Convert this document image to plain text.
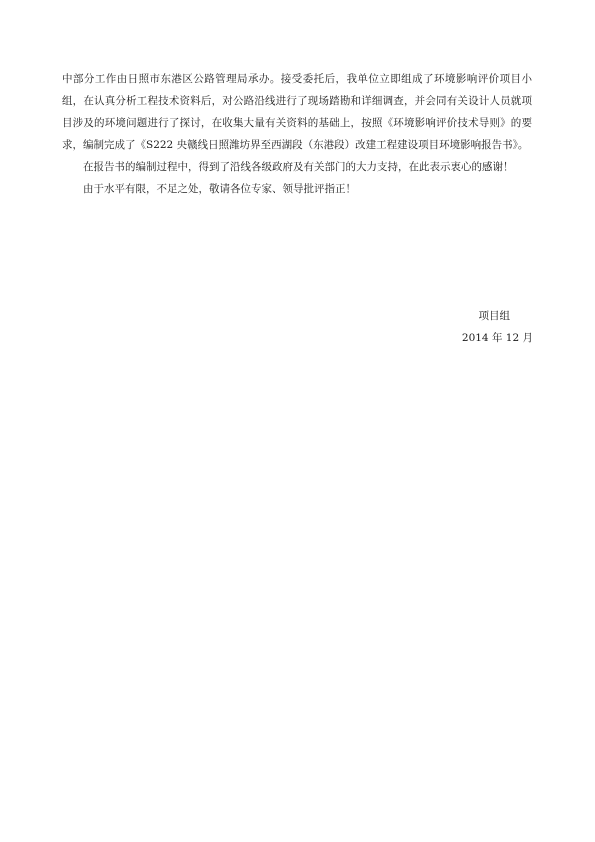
中部分工作由日照市东港区公路管理局承办。接受委托后，我单位立即组成了环境影响评价项目小组，在认真分析工程技术资料后，对公路沿线进行了现场踏勘和详细调查，并会同有关设计人员就项目涉及的环境问题进行了探讨，在收集大量有关资料的基础上，按照《环境影响评价技术导则》的要求，编制完成了《S222 央赣线日照潍坊界至西湖段（东港段）改建工程建设项目环境影响报告书》。

在报告书的编制过程中，得到了沿线各级政府及有关部门的大力支持，在此表示衷心的感谢！

由于水平有限，不足之处，敬请各位专家、领导批评指正！

项目组
2014 年 12 月
